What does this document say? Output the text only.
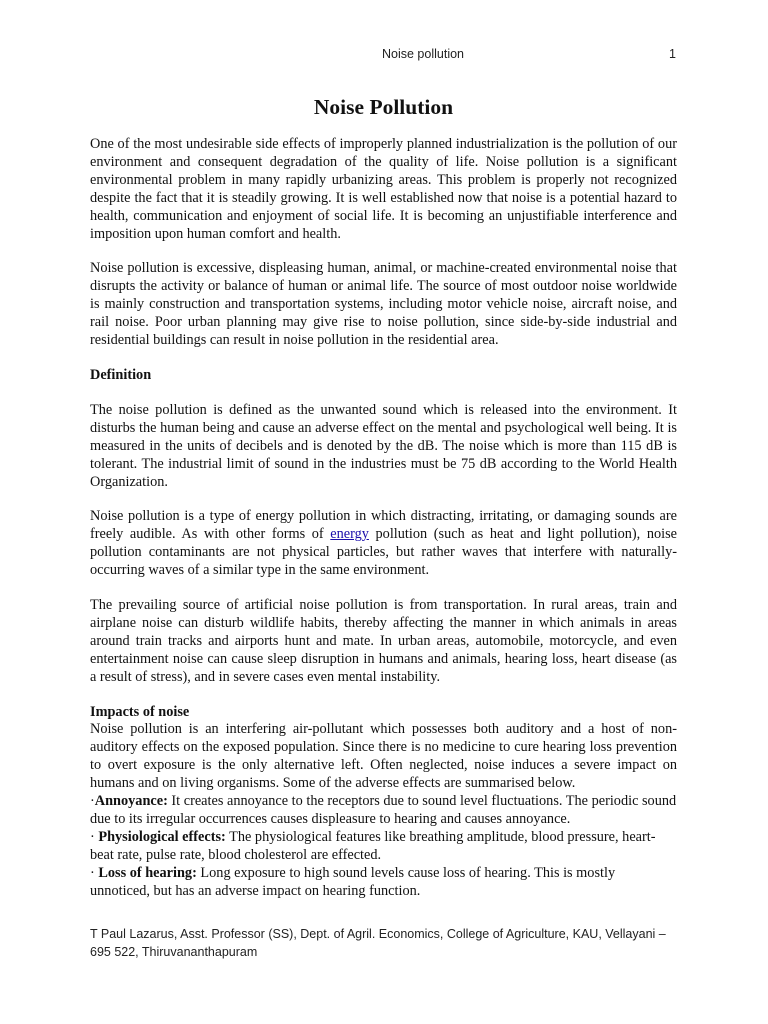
Noise pollution	1
Noise Pollution

One of the most undesirable side effects of improperly planned industrialization is the pollution of our environment and consequent degradation of the quality of life. Noise pollution is a significant environmental problem in many rapidly urbanizing areas. This problem is properly not recognized despite the fact that it is steadily growing. It is well established now that noise is a potential hazard to health, communication and enjoyment of social life. It is becoming an unjustifiable interference and imposition upon human comfort and health.

Noise pollution is excessive, displeasing human, animal, or machine-created environmental noise that disrupts the activity or balance of human or animal life. The source of most outdoor noise worldwide is mainly construction and transportation systems, including motor vehicle noise, aircraft noise, and rail noise. Poor urban planning may give rise to noise pollution, since side-by-side industrial and residential buildings can result in noise pollution in the residential area.

Definition

The noise pollution is defined as the unwanted sound which is released into the environment. It disturbs the human being and cause an adverse effect on the mental and psychological well being. It is measured in the units of decibels and is denoted by the dB. The noise which is more than 115 dB is tolerant. The industrial limit of sound in the industries must be 75 dB according to the World Health Organization.

Noise pollution is a type of energy pollution in which distracting, irritating, or damaging sounds are freely audible. As with other forms of energy pollution (such as heat and light pollution), noise pollution contaminants are not physical particles, but rather waves that interfere with naturally-occurring waves of a similar type in the same environment.

The prevailing source of artificial noise pollution is from transportation. In rural areas, train and airplane noise can disturb wildlife habits, thereby affecting the manner in which animals in areas around train tracks and airports hunt and mate. In urban areas, automobile, motorcycle, and even entertainment noise can cause sleep disruption in humans and animals, hearing loss, heart disease (as a result of stress), and in severe cases even mental instability.

Impacts of noise

Noise pollution is an interfering air-pollutant which possesses both auditory and a host of non-auditory effects on the exposed population. Since there is no medicine to cure hearing loss prevention to overt exposure is the only alternative left. Often neglected, noise induces a severe impact on humans and on living organisms. Some of the adverse effects are summarised below.

·Annoyance: It creates annoyance to the receptors due to sound level fluctuations. The periodic sound due to its irregular occurrences causes displeasure to hearing and causes annoyance.
· Physiological effects: The physiological features like breathing amplitude, blood pressure, heart-beat rate, pulse rate, blood cholesterol are effected.
· Loss of hearing: Long exposure to high sound levels cause loss of hearing. This is mostly unnoticed, but has an adverse impact on hearing function.
T Paul Lazarus, Asst. Professor (SS), Dept. of Agril. Economics, College of Agriculture, KAU, Vellayani –
695 522, Thiruvananthapuram
